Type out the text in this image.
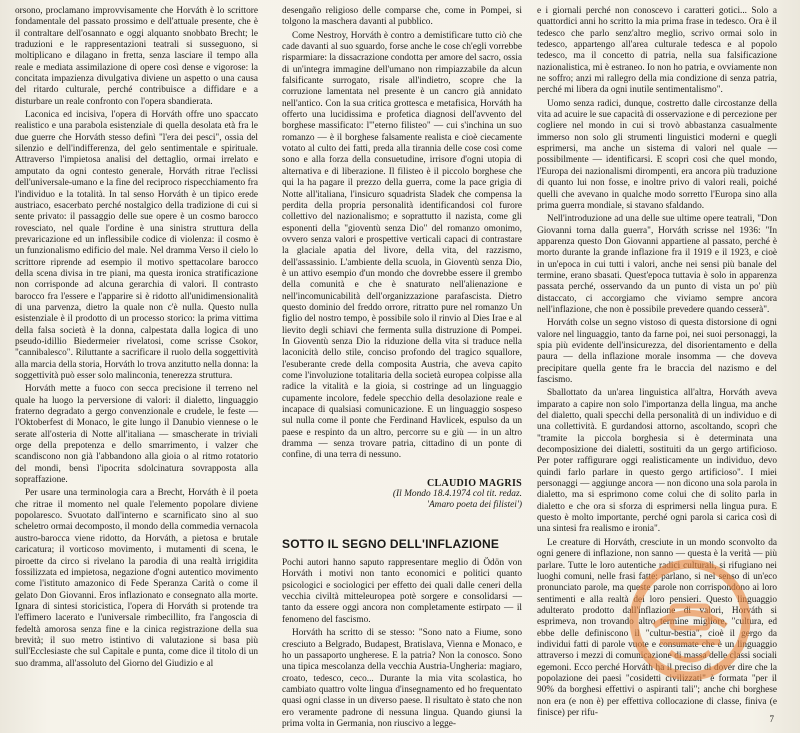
orsono, proclamano improvvisamente che Horváth è lo scrittore fondamentale del passato prossimo e dell'attuale presente, che è il contraltare dell'osannato e oggi alquanto snobbato Brecht; le traduzioni e le rappresentazioni teatrali si susseguono, si moltiplicano e dilagano in fretta, senza lasciare il tempo alla reale e mediata assimilazione di opere così dense e vigorose: la concitata impazienza divulgativa diviene un aspetto o una causa del ritardo culturale, perché contribuisce a diffidare e a disturbare un reale confronto con l'opera sbandierata.

Laconica ed incisiva, l'opera di Horváth offre uno spaccato realistico e una parabola esistenziale di quella desolata età fra le due guerre che Horváth stesso definì "l'era dei pesci", ossia del silenzio e dell'indifferenza, del gelo sentimentale e spirituale. Attraverso l'impietosa analisi del dettaglio, ormai irrelato e amputato da ogni contesto generale, Horváth ritrae l'eclissi dell'universale-umano e la fine del reciproco rispecchiamento fra l'individuo e la totalità. In tal senso Horváth è un tipico erede austriaco, esacerbato perché nostalgico della tradizione di cui si sente privato: il passaggio delle sue opere è un cosmo barocco rovesciato, nel quale l'ordine è una sinistra struttura della prevaricazione ed un inflessibile codice di violenza: il cosmo è un funzionalismo edificio del male. Nel dramma Verso il cielo lo scrittore riprende ad esempio il motivo spettacolare barocco della scena divisa in tre piani, ma questa ironica stratificazione non corrisponde ad alcuna gerarchia di valori. Il contrasto barocco fra l'essere e l'apparire si è ridotto all'unidimensionalità di una parvenza, dietro la quale non c'è nulla. Questo nulla esistenziale è il prodotto di un processo storico: la prima vittima della falsa società è la donna, calpestata dalla logica di uno pseudo-idillio Biedermeier rivelatosi, come scrisse Csokor, "cannibalesco". Riluttante a sacrificare il ruolo della soggettività alla marcia della storia, Horváth lo trova anzitutto nella donna: la soggettività può esser solo malinconia, tenerezza struttura.

Horváth mette a fuoco con secca precisione il terreno nel quale ha luogo la perversione di valori: il dialetto, linguaggio fraterno degradato a gergo convenzionale e crudele, le feste — l'Oktoberfest di Monaco, le gite lungo il Danubio viennese o le serate all'osteria di Notte all'italiana — smascherate in triviali orge della prepotenza e dello smarrimento, i valzer che scandiscono non già l'abbandono alla gioia o al ritmo rotatorio del mondi, bensì l'ipocrita sdolcinatura sovrapposta alla sopraffazione.

Per usare una terminologia cara a Brecht, Horváth è il poeta che ritrae il momento nel quale l'elemento popolare diviene popolaresco. Svuotato dall'interno e scarnificato sino al suo scheletro ormai decomposto, il mondo della commedia vernacola austro-barocca viene ridotto, da Horváth, a pietosa e brutale caricatura; il vorticoso movimento, i mutamenti di scena, le piroette da circo si rivelano la parodia di una realtà irrigidita fossilizzata ed impietosa, negazione d'ogni autentico movimento come l'istituto amazonico di Fede Speranza Carità o come il gelato Don Giovanni. Eros inflazionato e consegnato alla morte. Ignara di sintesi storicistica, l'opera di Horváth si protende tra l'effimero lacerato e l'universale rimbecillito, fra l'angoscia di fedeltà amorosa senza fine e la cinica registrazione della sua brevità; il suo metro istintivo di valutazione si basa più sull'Ecclesiaste che sul Capitale e punta, come dice il titolo di un suo dramma, all'assoluto del Giorno del Giudizio e al

desengaño religioso delle comparse che, come in Pompei, si tolgono la maschera davanti al pubblico.

Come Nestroy, Horváth è contro a demistificare tutto ciò che cade davanti al suo sguardo, forse anche le cose ch'egli vorrebbe risparmiare: la dissacrazione condotta per amore del sacro, ossia di un'integra immagine dell'umano non rimpiazzabile da alcun falsificante surrogato, risale all'indietro, scopre che la corruzione lamentata nel presente è un cancro già annidato nell'antico. Con la sua critica grottesca e metafisica, Horváth ha offerto una lucidissima e profetica diagnosi dell'avvento del borghese massificato: l'"eterno filisteo" — cui s'inchina un suo romanzo — è il borghese falsamente realista e cioè ciecamente votato al culto dei fatti, preda alla tirannia delle cose così come sono e alla forza della consuetudine, irrisore d'ogni utopia di alternativa e di liberazione. Il filisteo è il piccolo borghese che qui la ha pagare il prezzo della guerra, come la pace grigia di Notte all'italiana, l'insicuro squadrista Sladek che compensa la perdita della propria personalità identificandosi col furore collettivo del nazionalismo; e soprattutto il nazista, come gli esponenti della "gioventù senza Dio" del romanzo omonimo, ovvero senza valori e prospettive verticali capaci di contrastare la glaciale apatia del livore, della vita, del razzismo, dell'assassinio. L'ambiente della scuola, in Gioventù senza Dio, è un attivo esempio d'un mondo che dovrebbe essere il grembo della comunità e che è snaturato nell'alienazione e nell'incomunicabilità dell'organizzazione parafascista. Dietro questo dominio del freddo orrore, ritratto pure nel romanzo Un figlio del nostro tempo, è possibile solo il rinvio al Dies Irae e al lievito degli schiavi che fermenta sulla distruzione di Pompei. In Gioventù senza Dio la riduzione della vita si traduce nella laconicità dello stile, conciso profondo del tragico squallore, l'esuberante crede della composita Austria, che aveva capito come l'involuzione totalitaria della società europea colpisse alla radice la vitalità e la gioia, si costringe ad un linguaggio cupamente incolore, fedele specchio della desolazione reale e incapace di qualsiasi comunicazione. E un linguaggio sospeso sul nulla come il ponte che Ferdinand Havlicek, espulso da un paese e respinto da un altro, percorre su e giù — in un altro dramma — senza trovare patria, cittadino di un ponte di confine, di una terra di nessuno.

CLAUDIO MAGRIS
(Il Mondo 18.4.1974 col tit. redaz.
'Amaro poeta dei filistei')
SOTTO IL SEGNO DELL'INFLAZIONE

Pochi autori hanno saputo rappresentare meglio di Ödön von Horváth i motivi non tanto economici e politici quanto psicologici e sociologici per effetto dei quali dalle ceneri della vecchia civiltà mitteleuropea potè sorgere e consolidarsi — tanto da essere oggi ancora non completamente estirpato — il fenomeno del fascismo.

Horváth ha scritto di se stesso: "Sono nato a Fiume, sono cresciuto a Belgrado, Budapest, Bratislava, Vienna e Monaco, e ho un passaporto ungherese. E la patria? Non la conosco. Sono una tipica mescolanza della vecchia Austria-Ungheria: magiaro, croato, tedesco, ceco... Durante la mia vita scolastica, ho cambiato quattro volte lingua d'insegnamento ed ho frequentato quasi ogni classe in un diverso paese. Il risultato è stato che non ero veramente padrone di nessuna lingua. Quando giunsi la prima volta in Germania, non riuscivo a legge-

e i giornali perché non conoscevo i caratteri gotici... Solo a quattordici anni ho scritto la mia prima frase in tedesco. Ora è il tedesco che parlo senz'altro meglio, scrivo ormai solo in tedesco, appartengo all'area culturale tedesca e al popolo tedesco, ma il concetto di patria, nella sua falsificazione nazionalistica, mi è estraneo. Io non ho patria, e ovviamente non ne soffro; anzi mi rallegro della mia condizione di senza patria, perché mi libera da ogni inutile sentimentalismo".

Uomo senza radici, dunque, costretto dalle circostanze della vita ad acuire le sue capacità di osservazione e di percezione per cogliere nel mondo in cui si trovò abbastanza casualmente immerso non solo gli strumenti linguistici moderni e quegli esprimersi, ma anche un sistema di valori nel quale — possibilmente — identificarsi. E scoprì così che quel mondo, l'Europa dei nazionalismi dirompenti, era ancora più traduzione di quanto lui non fosse, e inoltre privo di valori reali, poiché quelli che avevano in qualche modo sorretto l'Europa sino alla prima guerra mondiale, si stavano sfaldando.

Nell'introduzione ad una delle sue ultime opere teatrali, "Don Giovanni torna dalla guerra", Horváth scrisse nel 1936: "In apparenza questo Don Giovanni appartiene al passato, perché è morto durante la grande inflazione fra il 1919 e il 1923, e cioè in un'epoca in cui tutti i valori, anche nei sensi più banale del termine, erano sbasati. Quest'epoca tuttavia è solo in apparenza passata perché, osservando da un punto di vista un po' più distaccato, ci accorgiamo che viviamo sempre ancora nell'inflazione, che non è possibile prevedere quando cesserà".

Horváth colse un segno vistoso di questa distorsione di ogni valore nel linguaggio, tanto da farne poi, nei suoi personaggi, la spia più evidente dell'insicurezza, del disorientamento e della paura — della inflazione morale insomma — che doveva precipitare quella gente fra le braccia del nazismo e del fascismo.

Sballottato da un'area linguistica all'altra, Horváth aveva imparato a capire non solo l'importanza della lingua, ma anche del dialetto, quali specchi della personalità di un individuo e di una collettività. E gurdandosi attorno, ascoltando, scoprì che "tramite la piccola borghesia si è determinata una decomposizione dei dialetti, sostituiti da un gergo artificioso. Per poter raffigurare oggi realisticamente un individuo, devo quindi farlo parlare in questo gergo artificioso". I miei personaggi — aggiunge ancora — non dicono una sola parola in dialetto, ma si esprimono come colui che di solito parla in dialetto e che ora si sforza di esprimersi nella lingua pura. E questo è molto importante, perché ogni parola si carica così di una sintesi fra realismo e ironia".

Le creature di Horváth, cresciute in un mondo sconvolto da ogni genere di inflazione, non sanno — questa è la verità — più parlare. Tutte le loro autentiche radici culturali, si rifugiano nei luoghi comuni, nelle frasi fatte: parlano, si nel senso di un'eco pronunciato parole, ma queste parole non corrispondono ai loro sentimenti e alla realtà dei loro pensieri. Questo linguaggio adulterato prodotto dall'inflazione di valori, Horváth si esprimeva, non trovando altro termine migliore, "cultura, ed ebbe delle definiscono il "cultur-bestia", cioè il gergo da individui fatti di parole vuote e consumate che è un linguaggio attraverso i mezzi di comunicazione di massa delle classi sociali egemoni. Ecco perché Horváth ha il preciso di dover dire che la popolazione dei paesi "cosidetti civilizzati" è formata "per il 90% da borghesi effettivi o aspiranti tali"; anche chi borghese non era (e non è) per effettiva collocazione di classe, finiva (e finisce) per rifu-

7
